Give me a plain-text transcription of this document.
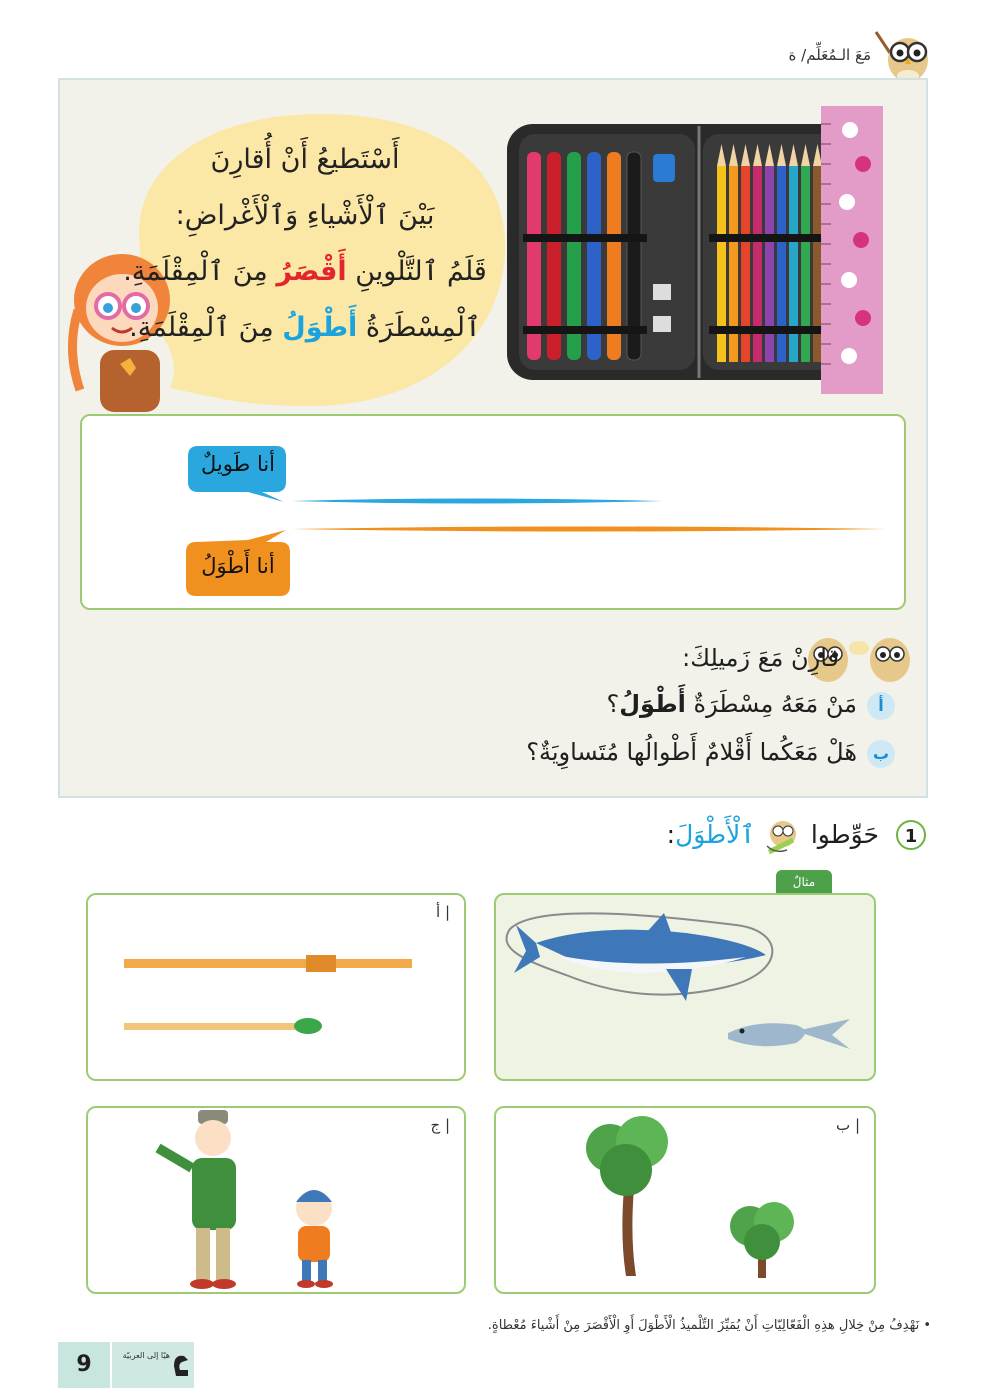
مَعَ الـمُعَلِّم/ ة
أَسْتَطيعُ أَنْ أُقارِنَ
بَيْنَ ٱلْأَشْياءِ وَٱلْأَغْراضِ:
قَلَمُ ٱلتَّلْوينِ أَقْصَرُ مِنَ ٱلْمِقْلَمَةِ.
ٱلْمِسْطَرَةُ أَطْوَلُ مِنَ ٱلْمِقْلَمَةِ.
أنا طَويلٌ
أنا أَطْوَلُ
قارِنْ مَعَ زَميلِكَ:
أ
مَنْ مَعَهُ مِسْطَرَةٌ أَطْوَلُ؟
ب
هَلْ مَعَكُما أَقْلامٌ أَطْوالُها مُتَساوِيَةٌ؟
1
حَوِّطوا  ٱلْأَطْوَلَ:
مثالٌ
أ |
ب |
ج |
• نَهْدِفُ مِنْ خِلالِ هذِهِ الْفَعّالِيّاتِ أَنْ يُمَيِّزَ التِّلْميذُ الْأَطْوَلَ أَوِ الْأَقْصَرَ مِنْ أَشْياءَ مُعْطاةٍ.
9	هيّا إلى العربيّة
